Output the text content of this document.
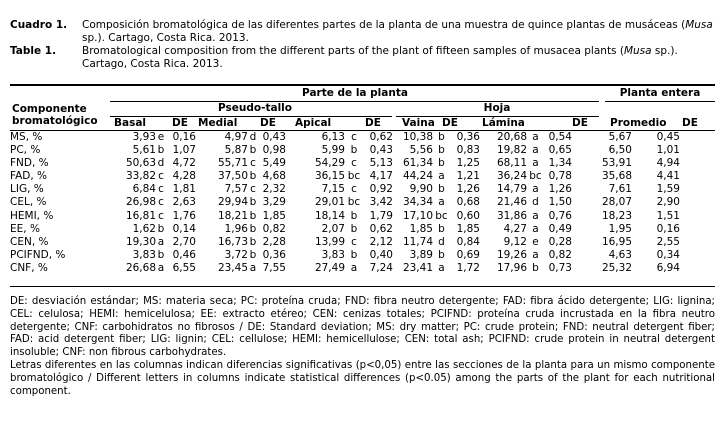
Cuadro 1. Composición bromatológica de las diferentes partes de la planta de una muestra de quince plantas de musáceas (Musa sp.). Cartago, Costa Rica. 2013.
Table 1. Bromatological composition from the different parts of the plant of fifteen samples of musacea plants (Musa sp.). Cartago, Costa Rica. 2013.
Parte de la planta	Planta entera
Componente
bromatológico
Pseudo-tallo	Hoja
Basal DE Medial DE Apical	DE Vaina DE Lámina	DE Promedio DE
MS, %	3,93	e	0,16	4,97	d	0,43	6,13	c	0,62	10,38	b	0,36	20,68	a	0,54	5,67	0,45
PC, %	5,61	b	1,07	5,87	b	0,98	5,99	b	0,43	5,56	b	0,83	19,82	a	0,65	6,50	1,01
FND, %	50,63	d	4,72	55,71	c	5,49	54,29	c	5,13	61,34	b	1,25	68,11	a	1,34	53,91	4,94
FAD, %	33,82	c	4,28	37,50	b	4,68	36,15	bc	4,17	44,24	a	1,21	36,24	bc	0,78	35,68	4,41
LIG, %	6,84	c	1,81	7,57	c	2,32	7,15	c	0,92	9,90	b	1,26	14,79	a	1,26	7,61	1,59
CEL, %	26,98	c	2,63	29,94	b	3,29	29,01	bc	3,42	34,34	a	0,68	21,46	d	1,50	28,07	2,90
HEMI, %	16,81	c	1,76	18,21	b	1,85	18,14	b	1,79	17,10	bc	0,60	31,86	a	0,76	18,23	1,51
EE, %	1,62	b	0,14	1,96	b	0,82	2,07	b	0,62	1,85	b	1,85	4,27	a	0,49	1,95	0,16
CEN, %	19,30	a	2,70	16,73	b	2,28	13,99	c	2,12	11,74	d	0,84	9,12	e	0,28	16,95	2,55
PCIFND, %	3,83	b	0,46	3,72	b	0,36	3,83	b	0,40	3,89	b	0,69	19,26	a	0,82	4,63	0,34
CNF, %	26,68	a	6,55	23,45	a	7,55	27,49	a	7,24	23,41	a	1,72	17,96	b	0,73	25,32	6,94

DE: desviación estándar; MS: materia seca; PC: proteína cruda; FND: fibra neutro detergente; FAD: fibra ácido detergente; LIG: lignina; CEL: celulosa; HEMI: hemicelulosa; EE: extracto etéreo; CEN: cenizas totales; PCIFND: proteína cruda incrustada en la fibra neutro detergente; CNF: carbohidratos no fibrosos / DE: Standard deviation; MS: dry matter; PC: crude protein; FND: neutral detergent fiber; FAD: acid detergent fiber; LIG: lignin; CEL: cellulose; HEMI: hemicellulose; CEN: total ash; PCIFND: crude protein in neutral detergent insoluble; CNF: non fibrous carbohydrates.

Letras diferentes en las columnas indican diferencias significativas (p<0,05) entre las secciones de la planta para un mismo componente bromatológico / Different letters in columns indicate statistical differences (p<0.05) among the parts of the plant for each nutritional component.
